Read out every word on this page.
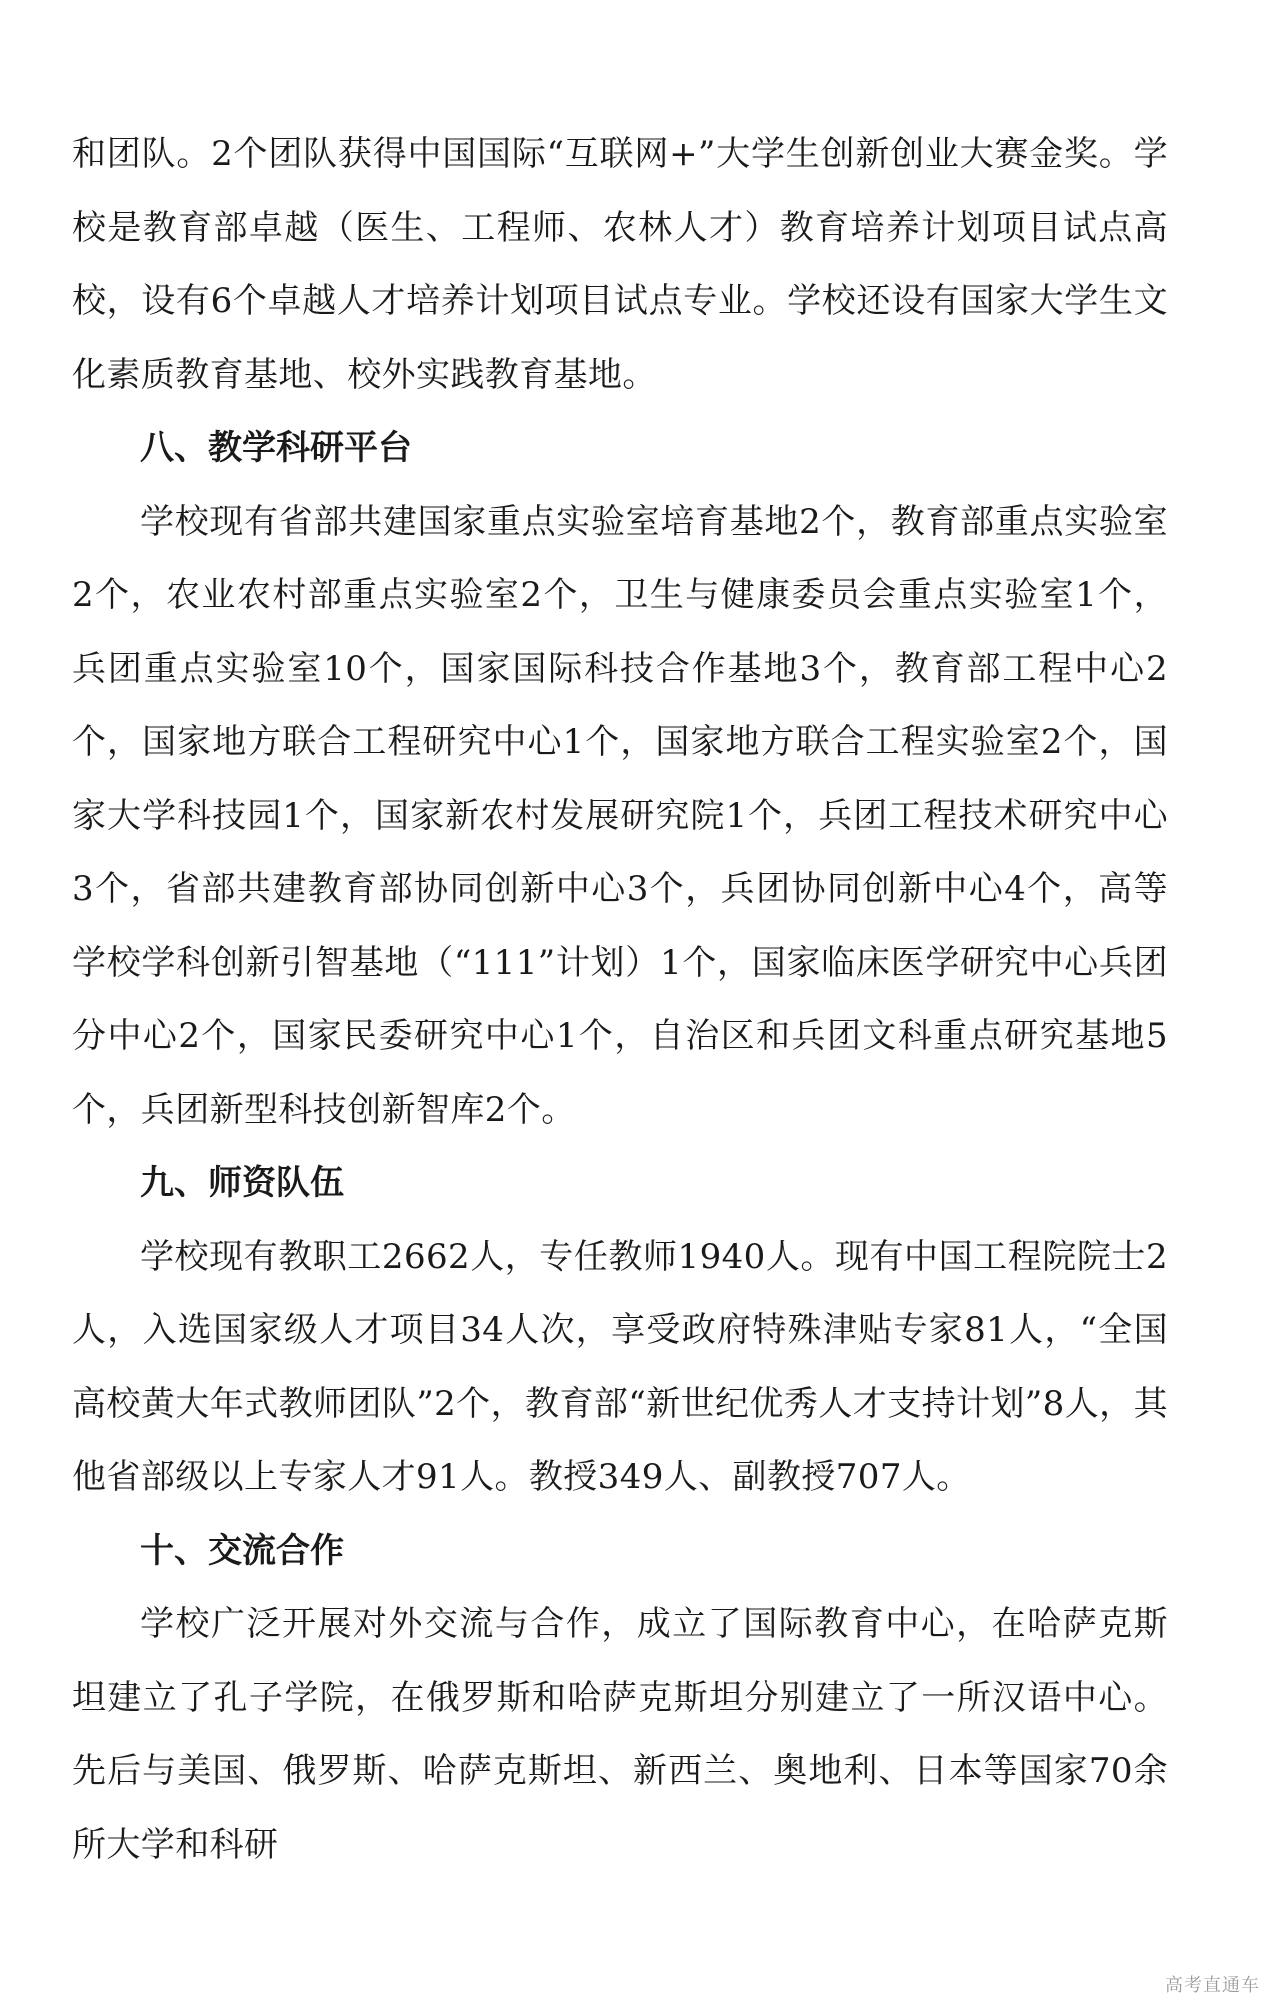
和团队。2个团队获得中国国际“互联网+”大学生创新创业大赛金奖。学校是教育部卓越（医生、工程师、农林人才）教育培养计划项目试点高校，设有6个卓越人才培养计划项目试点专业。学校还设有国家大学生文化素质教育基地、校外实践教育基地。

八、教学科研平台

学校现有省部共建国家重点实验室培育基地2个，教育部重点实验室2个，农业农村部重点实验室2个，卫生与健康委员会重点实验室1个，兵团重点实验室10个，国家国际科技合作基地3个，教育部工程中心2个，国家地方联合工程研究中心1个，国家地方联合工程实验室2个，国家大学科技园1个，国家新农村发展研究院1个，兵团工程技术研究中心3个，省部共建教育部协同创新中心3个，兵团协同创新中心4个，高等学校学科创新引智基地（“111”计划）1个，国家临床医学研究中心兵团分中心2个，国家民委研究中心1个，自治区和兵团文科重点研究基地5个，兵团新型科技创新智库2个。

九、师资队伍

学校现有教职工2662人，专任教师1940人。现有中国工程院院士2人，入选国家级人才项目34人次，享受政府特殊津贴专家81人，“全国高校黄大年式教师团队”2个，教育部“新世纪优秀人才支持计划”8人，其他省部级以上专家人才91人。教授349人、副教授707人。

十、交流合作

学校广泛开展对外交流与合作，成立了国际教育中心，在哈萨克斯坦建立了孔子学院，在俄罗斯和哈萨克斯坦分别建立了一所汉语中心。先后与美国、俄罗斯、哈萨克斯坦、新西兰、奥地利、日本等国家70余所大学和科研

高考直通车
